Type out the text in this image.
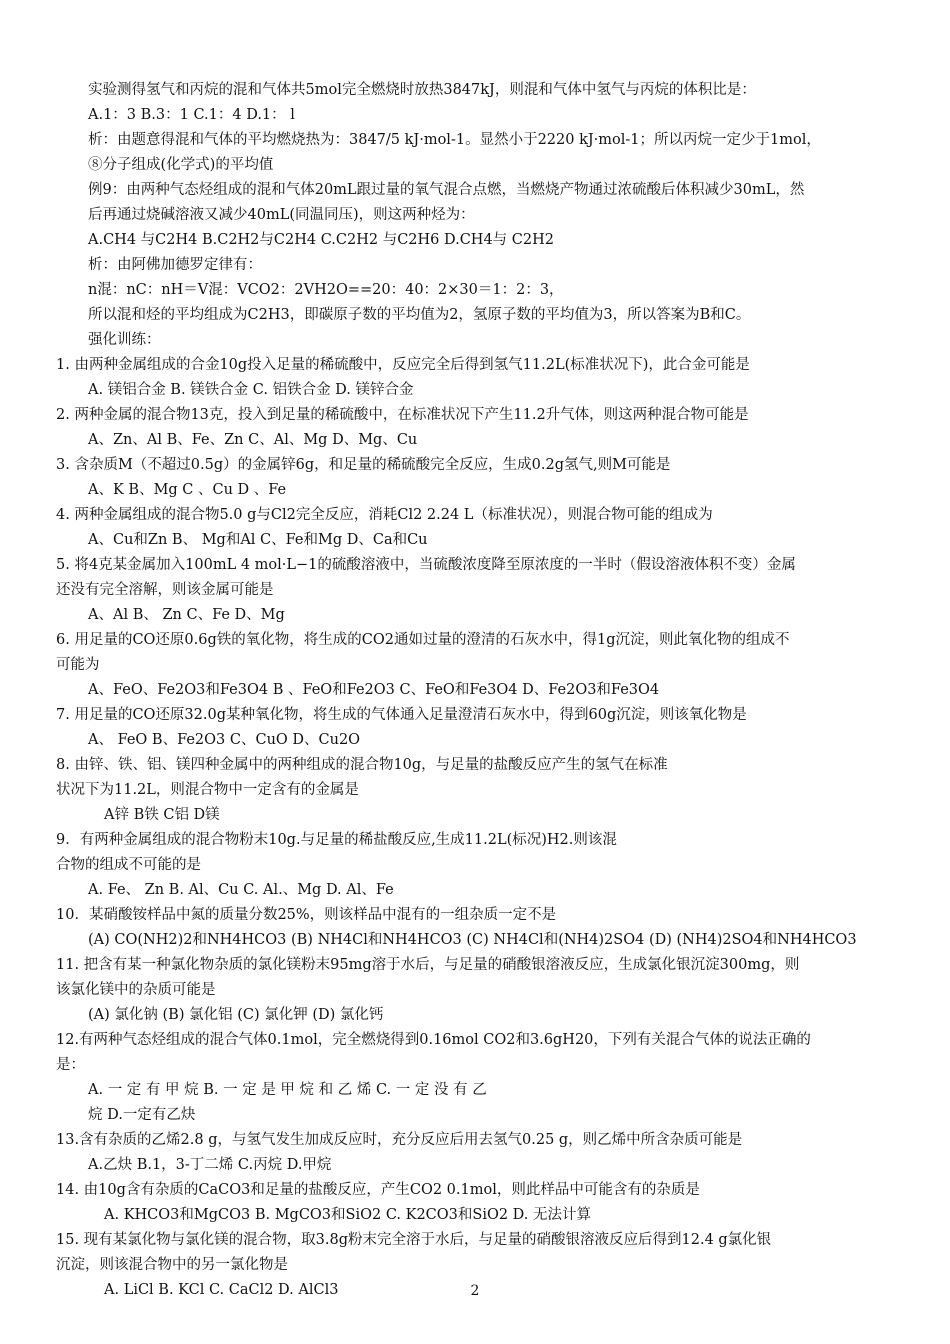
实验测得氢气和丙烷的混和气体共5mol完全燃烧时放热3847kJ，则混和气体中氢气与丙烷的体积比是：
A.1：3 B.3：1 C.1：4 D.1： l
析：由题意得混和气体的平均燃烧热为：3847/5 kJ·mol-1。显然小于2220 kJ·mol-1；所以丙烷一定少于1mol，
⑧分子组成(化学式)的平均值
例9：由两种气态烃组成的混和气体20mL跟过量的氧气混合点燃，当燃烧产物通过浓硫酸后体积减少30mL，然
后再通过烧碱溶液又减少40mL(同温同压)，则这两种烃为：
A.CH4 与C2H4 B.C2H2与C2H4 C.C2H2 与C2H6 D.CH4与 C2H2
析：由阿佛加德罗定律有：
n混：nC：nH＝V混：VCO2：2VH2O==20：40：2×30＝1：2：3，
所以混和烃的平均组成为C2H3，即碳原子数的平均值为2，氢原子数的平均值为3，所以答案为B和C。
强化训练：
1. 由两种金属组成的合金10g投入足量的稀硫酸中，反应完全后得到氢气11.2L(标准状况下)，此合金可能是
A. 镁铝合金 B. 镁铁合金 C. 铝铁合金 D. 镁锌合金
2. 两种金属的混合物13克，投入到足量的稀硫酸中，在标准状况下产生11.2升气体，则这两种混合物可能是
A、Zn、Al B、Fe、Zn C、Al、Mg D、Mg、Cu
3. 含杂质M（不超过0.5g）的金属锌6g，和足量的稀硫酸完全反应，生成0.2g氢气,则M可能是
A、K B、Mg C 、Cu D 、Fe
4. 两种金属组成的混合物5.0 g与Cl2完全反应，消耗Cl2 2.24 L（标准状况），则混合物可能的组成为
A、Cu和Zn B、 Mg和Al C、Fe和Mg D、Ca和Cu
5. 将4克某金属加入100mL 4 mol·L−1的硫酸溶液中，当硫酸浓度降至原浓度的一半时（假设溶液体积不变）金属
还没有完全溶解，则该金属可能是
A、Al B、 Zn C、Fe D、Mg
6. 用足量的CO还原0.6g铁的氧化物，将生成的CO2通如过量的澄清的石灰水中，得1g沉淀，则此氧化物的组成不
可能为
A、FeO、Fe2O3和Fe3O4 B 、FeO和Fe2O3 C、FeO和Fe3O4 D、Fe2O3和Fe3O4
7. 用足量的CO还原32.0g某种氧化物，将生成的气体通入足量澄清石灰水中，得到60g沉淀，则该氧化物是
A、 FeO B、Fe2O3 C、CuO D、Cu2O
8. 由锌、铁、铝、镁四种金属中的两种组成的混合物10g，与足量的盐酸反应产生的氢气在标准
状况下为11.2L，则混合物中一定含有的金属是
A锌 B铁 C铝 D镁
9．有两种金属组成的混合物粉末10g.与足量的稀盐酸反应,生成11.2L(标况)H2.则该混
合物的组成不可能的是
A. Fe、 Zn B. Al、Cu C. Al.、Mg D. Al、Fe
10．某硝酸铵样品中氮的质量分数25%，则该样品中混有的一组杂质一定不是
(A) CO(NH2)2和NH4HCO3 (B) NH4Cl和NH4HCO3 (C) NH4Cl和(NH4)2SO4 (D) (NH4)2SO4和NH4HCO3
11. 把含有某一种氯化物杂质的氯化镁粉末95mg溶于水后，与足量的硝酸银溶液反应，生成氯化银沉淀300mg，则
该氯化镁中的杂质可能是
(A) 氯化钠 (B) 氯化铝 (C) 氯化钾 (D) 氯化钙
12.有两种气态烃组成的混合气体0.1mol，完全燃烧得到0.16mol CO2和3.6gH20，下列有关混合气体的说法正确的
是：
A. 一 定 有 甲 烷 B. 一 定 是 甲 烷 和 乙 烯 C. 一 定 没 有 乙
烷 D.一定有乙炔
13.含有杂质的乙烯2.8 g，与氢气发生加成反应时，充分反应后用去氢气0.25 g，则乙烯中所含杂质可能是
A.乙炔 B.1，3-丁二烯 C.丙烷 D.甲烷
14. 由10g含有杂质的CaCO3和足量的盐酸反应，产生CO2 0.1mol，则此样品中可能含有的杂质是
A. KHCO3和MgCO3 B. MgCO3和SiO2 C. K2CO3和SiO2 D. 无法计算
15. 现有某氯化物与氯化镁的混合物，取3.8g粉末完全溶于水后，与足量的硝酸银溶液反应后得到12.4 g氯化银
沉淀，则该混合物中的另一氯化物是
A. LiCl B. KCl C. CaCl2 D. AlCl3	2
